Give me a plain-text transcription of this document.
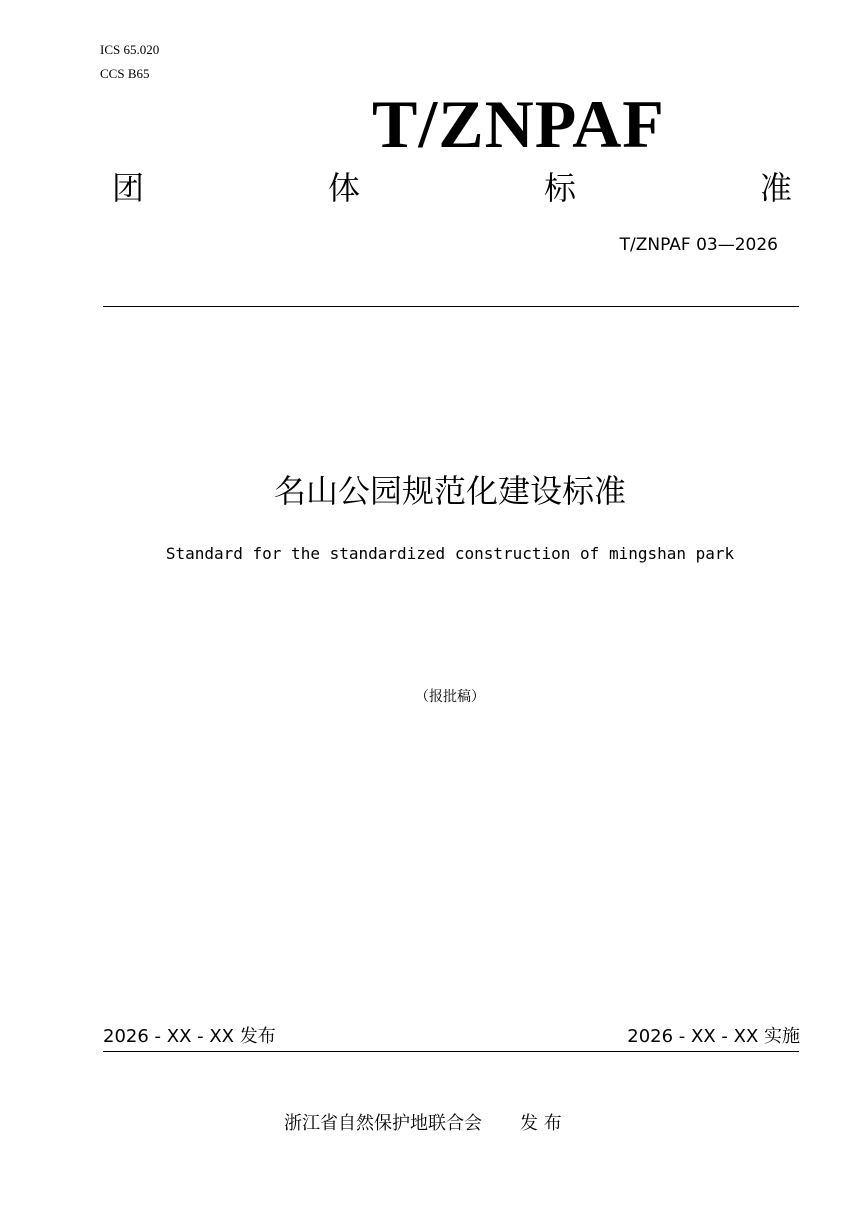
ICS 65.020
CCS B65
T/ZNPAF
团	体	标	准
T/ZNPAF 03—2026
名山公园规范化建设标准
Standard for the standardized construction of mingshan park
（报批稿）
2026 - XX - XX 发布	2026 - XX - XX 实施
浙江省自然保护地联合会 发 布
